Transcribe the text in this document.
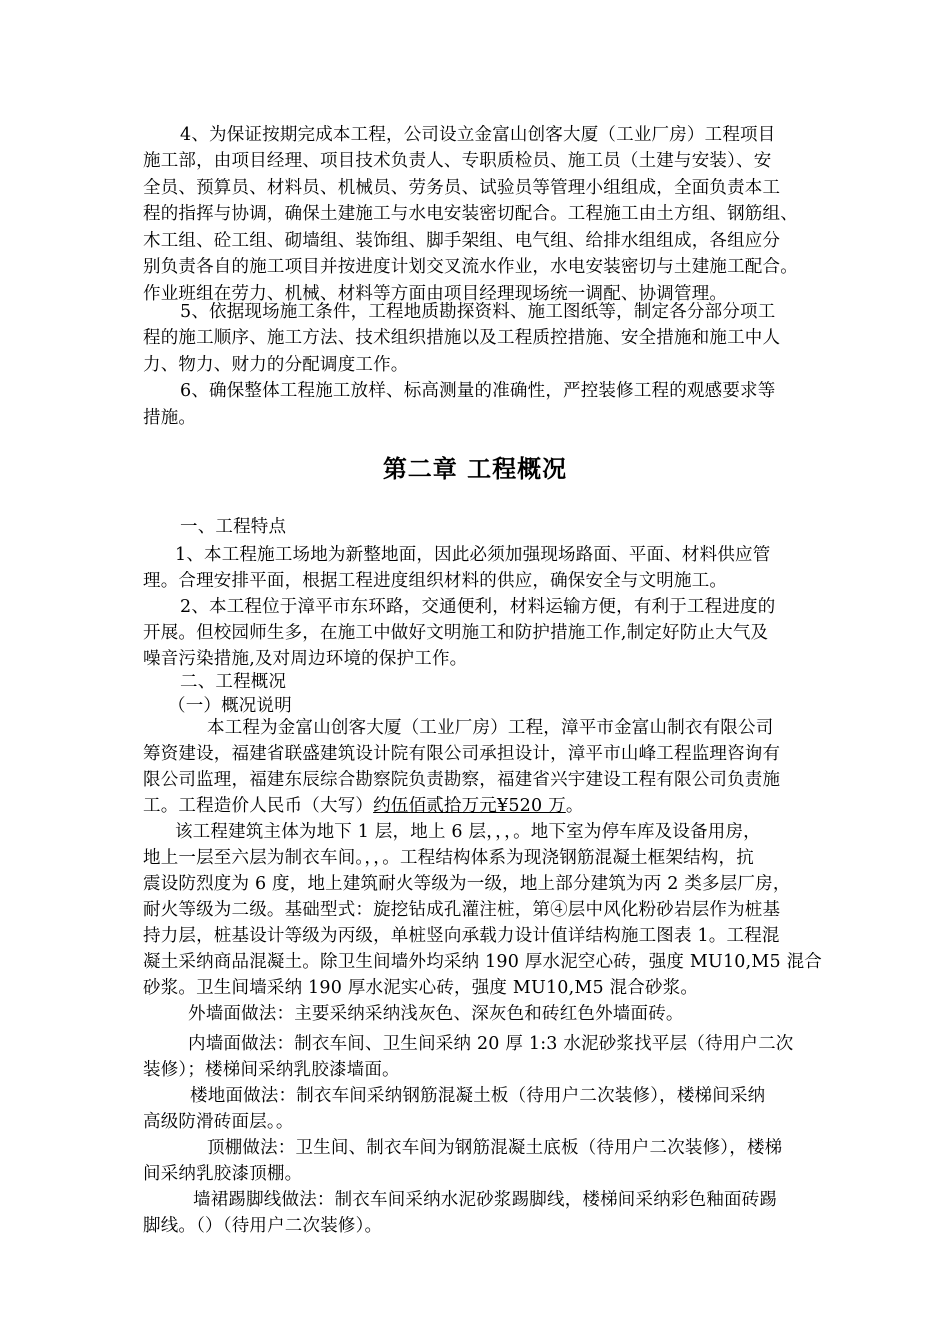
4、为保证按期完成本工程，公司设立金富山创客大厦（工业厂房）工程项目
施工部，由项目经理、项目技术负责人、专职质检员、施工员（土建与安装）、安
全员、预算员、材料员、机械员、劳务员、试验员等管理小组组成，全面负责本工
程的指挥与协调，确保土建施工与水电安装密切配合。工程施工由土方组、钢筋组、
木工组、砼工组、砌墙组、装饰组、脚手架组、电气组、给排水组组成，各组应分
别负责各自的施工项目并按进度计划交叉流水作业，水电安装密切与土建施工配合。
作业班组在劳力、机械、材料等方面由项目经理现场统一调配、协调管理。
5、依据现场施工条件，工程地质勘探资料、施工图纸等，制定各分部分项工
程的施工顺序、施工方法、技术组织措施以及工程质控措施、安全措施和施工中人
力、物力、财力的分配调度工作。
6、确保整体工程施工放样、标高测量的准确性，严控装修工程的观感要求等
措施。
第二章 工程概况
一、工程特点
1、本工程施工场地为新整地面，因此必须加强现场路面、平面、材料供应管
理。合理安排平面，根据工程进度组织材料的供应，确保安全与文明施工。
2、本工程位于漳平市东环路，交通便利，材料运输方便，有利于工程进度的
开展。但校园师生多，在施工中做好文明施工和防护措施工作,制定好防止大气及
噪音污染措施,及对周边环境的保护工作。
二、工程概况
（一）概况说明
本工程为金富山创客大厦（工业厂房）工程，漳平市金富山制衣有限公司
筹资建设，福建省联盛建筑设计院有限公司承担设计，漳平市山峰工程监理咨询有
限公司监理，福建东辰综合勘察院负责勘察，福建省兴宇建设工程有限公司负责施
工。工程造价人民币（大写）约伍佰贰拾万元¥520 万。
该工程建筑主体为地下 1 层，地上 6 层，，，。地下室为停车库及设备用房，
地上一层至六层为制衣车间。，，。工程结构体系为现浇钢筋混凝土框架结构，抗
震设防烈度为 6 度，地上建筑耐火等级为一级，地上部分建筑为丙 2 类多层厂房，
耐火等级为二级。基础型式：旋挖钻成孔灌注桩，第④层中风化粉砂岩层作为桩基
持力层，桩基设计等级为丙级，单桩竖向承载力设计值详结构施工图表 1。工程混
凝土采纳商品混凝土。除卫生间墙外均采纳 190 厚水泥空心砖，强度 MU10,M5 混合
砂浆。卫生间墙采纳 190 厚水泥实心砖，强度 MU10,M5 混合砂浆。
外墙面做法：主要采纳采纳浅灰色、深灰色和砖红色外墙面砖。
内墙面做法：制衣车间、卫生间采纳 20 厚 1:3 水泥砂浆找平层（待用户二次
装修）；楼梯间采纳乳胶漆墙面。
楼地面做法：制衣车间采纳钢筋混凝土板（待用户二次装修），楼梯间采纳
高级防滑砖面层。。
顶棚做法：卫生间、制衣车间为钢筋混凝土底板（待用户二次装修），楼梯
间采纳乳胶漆顶棚。
墙裙踢脚线做法：制衣车间采纳水泥砂浆踢脚线，楼梯间采纳彩色釉面砖踢
脚线。（）（待用户二次装修）。
